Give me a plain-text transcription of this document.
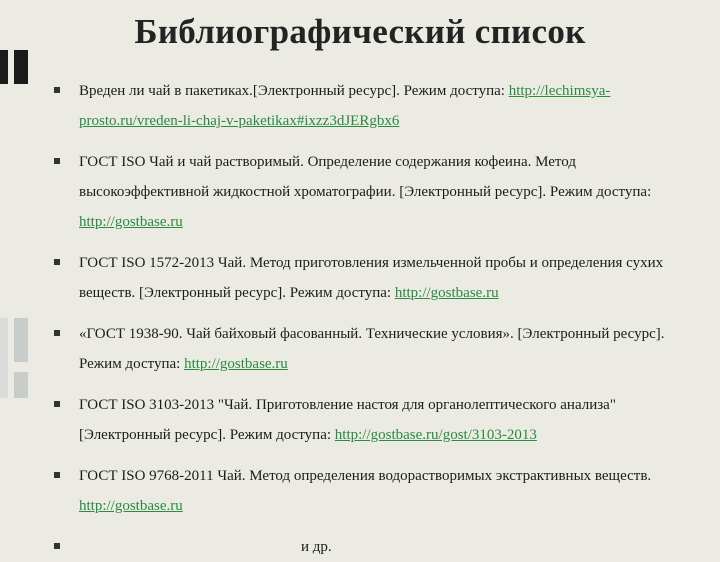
Библиографический список
Вреден ли чай в пакетиках.[Электронный ресурс]. Режим доступа: http://lechimsya-prosto.ru/vreden-li-chaj-v-paketikax#ixzz3dJERgbx6
ГОСТ ISO Чай и чай растворимый. Определение содержания кофеина. Метод высокоэффективной жидкостной хроматографии. [Электронный ресурс]. Режим доступа: http://gostbase.ru
ГОСТ ISO 1572-2013 Чай. Метод приготовления измельченной пробы и определения сухих веществ. [Электронный ресурс]. Режим доступа: http://gostbase.ru
«ГОСТ 1938-90. Чай байховый фасованный. Технические условия». [Электронный ресурс]. Режим доступа: http://gostbase.ru
ГОСТ ISO 3103-2013 "Чай. Приготовление настоя для органолептического анализа"[Электронный ресурс]. Режим доступа: http://gostbase.ru/gost/3103-2013
ГОСТ ISO 9768-2011 Чай. Метод определения водорастворимых экстрактивных веществ. http://gostbase.ru
и др.
